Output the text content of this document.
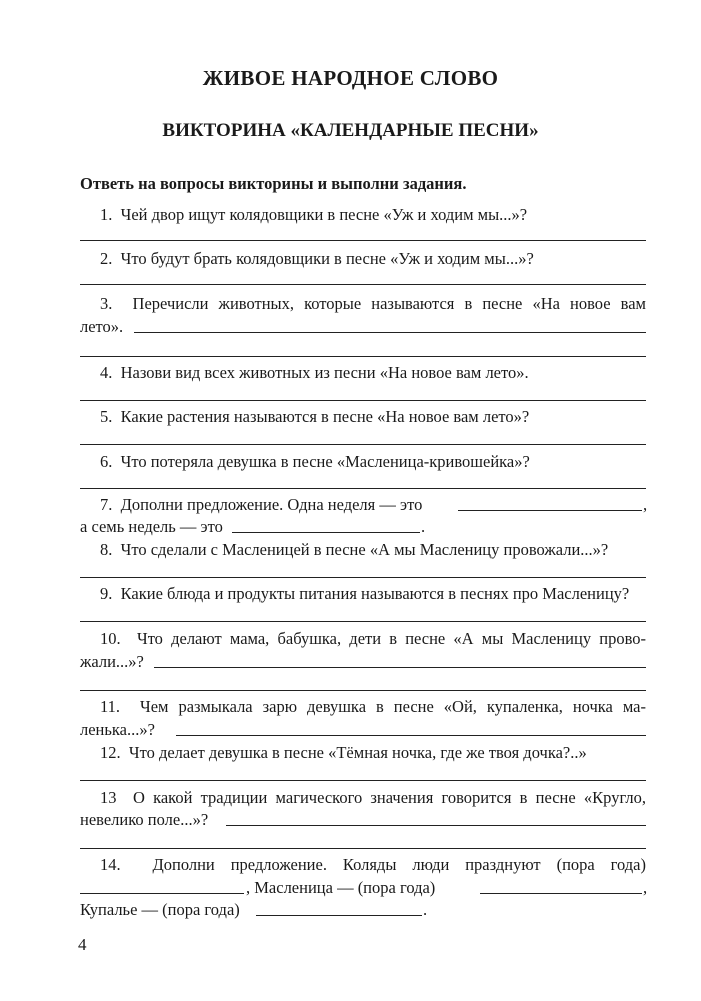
ЖИВОЕ НАРОДНОЕ СЛОВО
ВИКТОРИНА «КАЛЕНДАРНЫЕ ПЕСНИ»
Ответь на вопросы викторины и выполни задания.
1. Чей двор ищут колядовщики в песне «Уж и ходим мы...»?
2. Что будут брать колядовщики в песне «Уж и ходим мы...»?
3. Перечисли животных, которые называются в песне «На новое вам
лето».
4. Назови вид всех животных из песни «На новое вам лето».
5. Какие растения называются в песне «На новое вам лето»?
6. Что потеряла девушка в песне «Масленица-кривошейка»?
7. Дополни предложение. Одна неделя — это	,
а семь недель — это	.
8. Что сделали с Масленицей в песне «А мы Масленицу провожали...»?
9. Какие блюда и продукты питания называются в песнях про Масленицу?
10. Что делают мама, бабушка, дети в песне «А мы Масленицу прово-
жали...»?
11. Чем размыкала зарю девушка в песне «Ой, купаленка, ночка ма-
ленька...»?
12. Что делает девушка в песне «Тёмная ночка, где же твоя дочка?..»
13 О какой традиции магического значения говорится в песне «Кругло,
невелико поле...»?
14. Дополни предложение. Коляды люди празднуют (пора года)
, Масленица — (пора года)	,
Купалье — (пора года)	.
4
